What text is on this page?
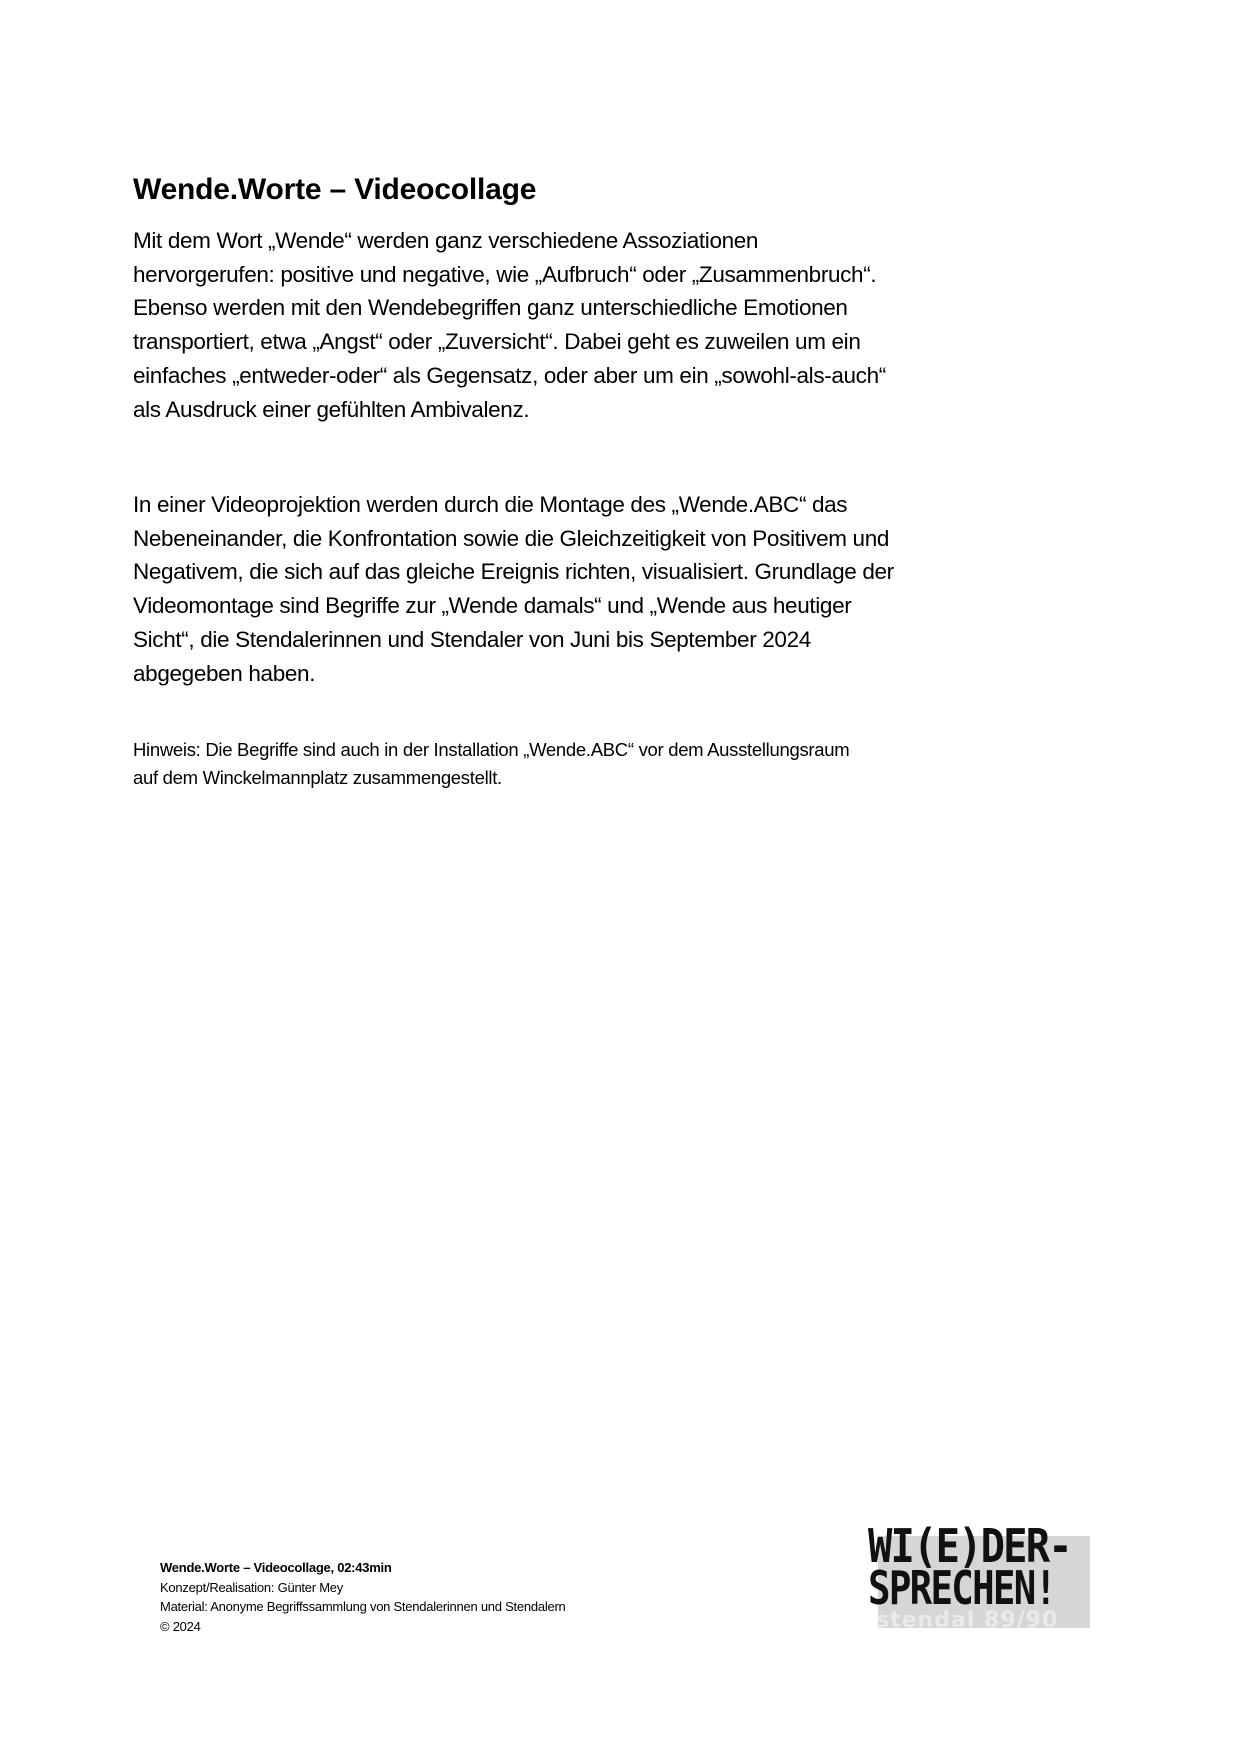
Wende.Worte – Videocollage
Mit dem Wort „Wende“ werden ganz verschiedene Assoziationen
hervorgerufen: positive und negative, wie „Aufbruch“ oder „Zusammenbruch“.
Ebenso werden mit den Wendebegriffen ganz unterschiedliche Emotionen
transportiert, etwa „Angst“ oder „Zuversicht“. Dabei geht es zuweilen um ein
einfaches „entweder-oder“ als Gegensatz, oder aber um ein „sowohl-als-auch“
als Ausdruck einer gefühlten Ambivalenz.
In einer Videoprojektion werden durch die Montage des „Wende.ABC“ das
Nebeneinander, die Konfrontation sowie die Gleichzeitigkeit von Positivem und
Negativem, die sich auf das gleiche Ereignis richten, visualisiert. Grundlage der
Videomontage sind Begriffe zur „Wende damals“ und „Wende aus heutiger
Sicht“, die Stendalerinnen und Stendaler von Juni bis September 2024
abgegeben haben.
Hinweis: Die Begriffe sind auch in der Installation „Wende.ABC“ vor dem Ausstellungsraum
auf dem Winckelmannplatz zusammengestellt.
Wende.Worte – Videocollage, 02:43min
Konzept/Realisation: Günter Mey
Material: Anonyme Begriffssammlung von Stendalerinnen und Stendalern
© 2024
WI(E)DER-
SPRECHEN!
stendal 89/90
